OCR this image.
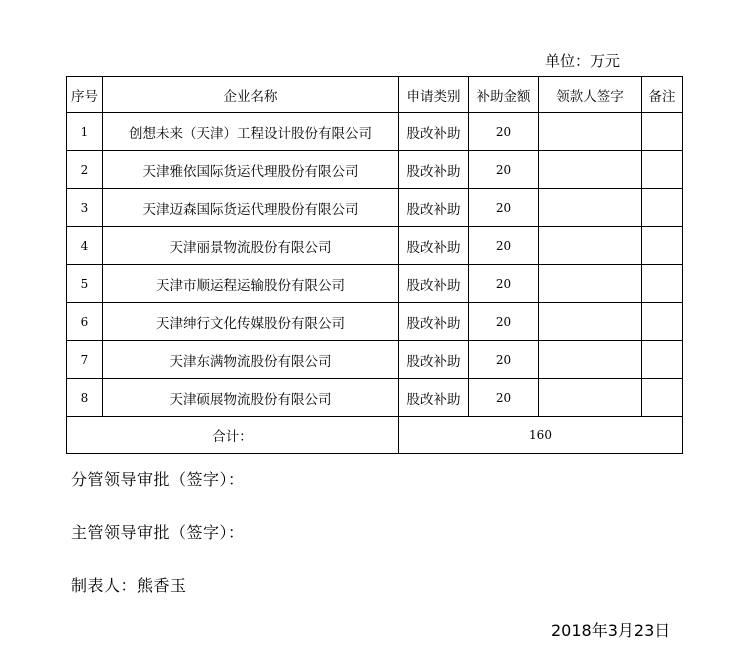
单位：万元
序号	企业名称	申请类别	补助金额	领款人签字	备注
1	创想未来（天津）工程设计股份有限公司	股改补助	20		
2	天津雅依国际货运代理股份有限公司	股改补助	20		
3	天津迈森国际货运代理股份有限公司	股改补助	20		
4	天津丽景物流股份有限公司	股改补助	20		
5	天津市顺运程运输股份有限公司	股改补助	20		
6	天津绅行文化传媒股份有限公司	股改补助	20		
7	天津东满物流股份有限公司	股改补助	20		
8	天津硕展物流股份有限公司	股改补助	20		
合计：		160			
分管领导审批（签字）：
主管领导审批（签字）：
制表人：熊香玉
2018年3月23日
